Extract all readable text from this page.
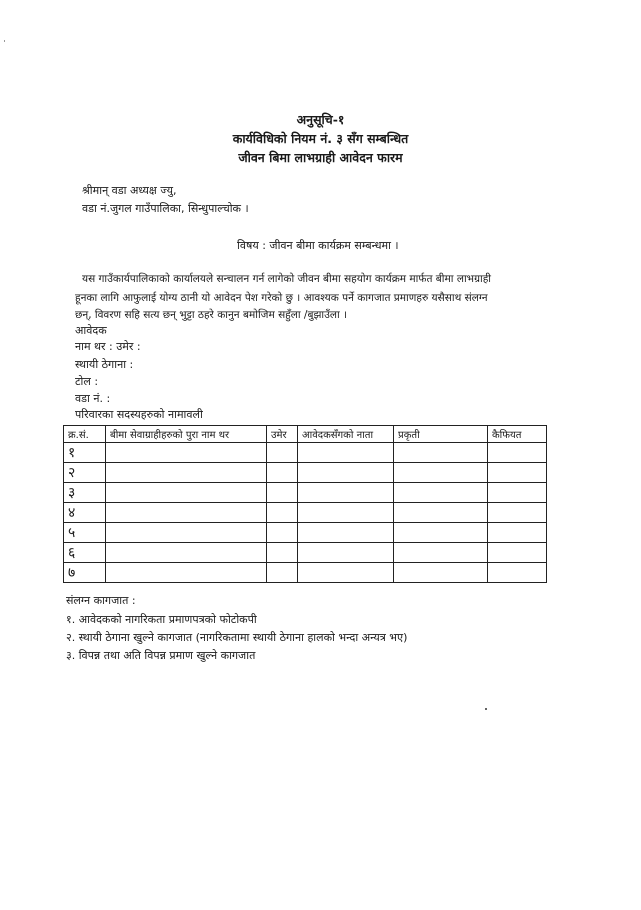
अनुसूचि-१
कार्यविधिको नियम नं. ३ सँग सम्बन्धित
जीवन बिमा लाभग्राही आवेदन फारम
श्रीमान् वडा अध्यक्ष ज्यु,
वडा नं.जुगल गाउँपालिका, सिन्धुपाल्चोक ।
विषय : जीवन बीमा कार्यक्रम सम्बन्धमा ।
यस गाउँकार्यपालिकाको कार्यालयले सन्चालन गर्न लागेको जीवन बीमा सहयोग कार्यक्रम मार्फत बीमा लाभग्राही
हूनका लागि आफुलाई योग्य ठानी यो आवेदन पेश गरेको छु । आवश्यक पर्ने कागजात प्रमाणहरु यसैसाथ संलग्न
छन्, विवरण सहि सत्य छन् भुट्टा ठहरे कानुन बमोजिम सहुँला /बुझाउँला ।
आवेदक
नाम थर : उमेर :
स्थायी ठेगाना :
टोल :
वडा नं. :
परिवारका सदस्यहरुको नामावली
क्र.सं.	बीमा सेवाग्राहीहरुको पुरा नाम थर	उमेर	आवेदकसँगको नाता	प्रकृती	कैफियत
१					
२					
३					
४					
५					
६					
७					
संलग्न कागजात :
१. आवेदकको नागरिकता प्रमाणपत्रको फोटोकपी
२. स्थायी ठेगाना खुल्ने कागजात (नागरिकतामा स्थायी ठेगाना हालको भन्दा अन्यत्र भए)
३. विपन्न तथा अति विपन्न प्रमाण खुल्ने कागजात
